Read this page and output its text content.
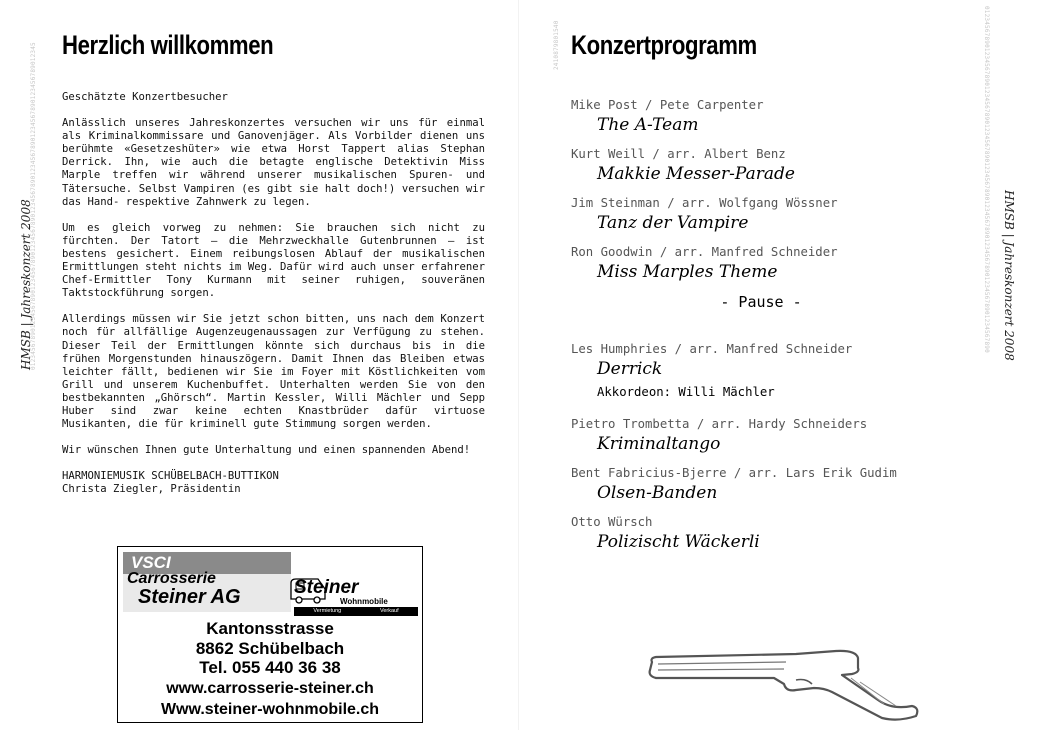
HMSB | Jahreskonzert 2008	HMSB | Jahreskonzert 2008
01234567890123456789012345678901234567890123456789012345678901234567890123456789012345	2410879801540	0123456789012345678901234567890123456789012345678901234567890123456789012345678901234567890
Herzlich willkommen

Geschätzte Konzertbesucher

Anlässlich unseres Jahreskonzertes versuchen wir uns für einmal als Kriminalkommissare und Ganovenjäger. Als Vorbilder dienen uns berühmte «Gesetzeshüter» wie etwa Horst Tappert alias Stephan Derrick. Ihn, wie auch die betagte englische Detektivin Miss Marple treffen wir während unserer musikalischen Spuren- und Tätersuche. Selbst Vampiren (es gibt sie halt doch!) versuchen wir das Hand- respektive Zahnwerk zu legen.

Um es gleich vorweg zu nehmen: Sie brauchen sich nicht zu fürchten. Der Tatort – die Mehrzweckhalle Gutenbrunnen – ist bestens gesichert. Einem reibungslosen Ablauf der musikalischen Ermittlungen steht nichts im Weg. Dafür wird auch unser erfahrener Chef-Ermittler Tony Kurmann mit seiner ruhigen, souveränen Taktstockführung sorgen.

Allerdings müssen wir Sie jetzt schon bitten, uns nach dem Konzert noch für allfällige Augenzeugenaussagen zur Verfügung zu stehen. Dieser Teil der Ermittlungen könnte sich durchaus bis in die frühen Morgenstunden hinauszögern. Damit Ihnen das Bleiben etwas leichter fällt, bedienen wir Sie im Foyer mit Köstlichkeiten vom Grill und unserem Kuchenbuffet. Unterhalten werden Sie von den bestbekannten „Ghörsch“. Martin Kessler, Willi Mächler und Sepp Huber sind zwar keine echten Knastbrüder dafür virtuose Musikanten, die für kriminell gute Stimmung sorgen werden.

Wir wünschen Ihnen gute Unterhaltung und einen spannenden Abend!

HARMONIEMUSIK SCHÜBELBACH-BUTTIKON

Christa Ziegler, Präsidentin

VSCI
Carrosserie
Steiner AG	Steiner
Wohnmobile
Vermietung	Verkauf
Kantonsstrasse
8862 Schübelbach
Tel. 055 440 36 38
www.carrosserie-steiner.ch
Www.steiner-wohnmobile.ch
Konzertprogramm
Mike Post / Pete Carpenter
The A-Team
Kurt Weill / arr. Albert Benz
Makkie Messer-Parade
Jim Steinman / arr. Wolfgang Wössner
Tanz der Vampire
Ron Goodwin / arr. Manfred Schneider
Miss Marples Theme
- Pause -
Les Humphries / arr. Manfred Schneider
Derrick
Akkordeon: Willi Mächler
Pietro Trombetta / arr. Hardy Schneiders
Kriminaltango
Bent Fabricius-Bjerre / arr. Lars Erik Gudim
Olsen-Banden
Otto Würsch
Polizischt Wäckerli
